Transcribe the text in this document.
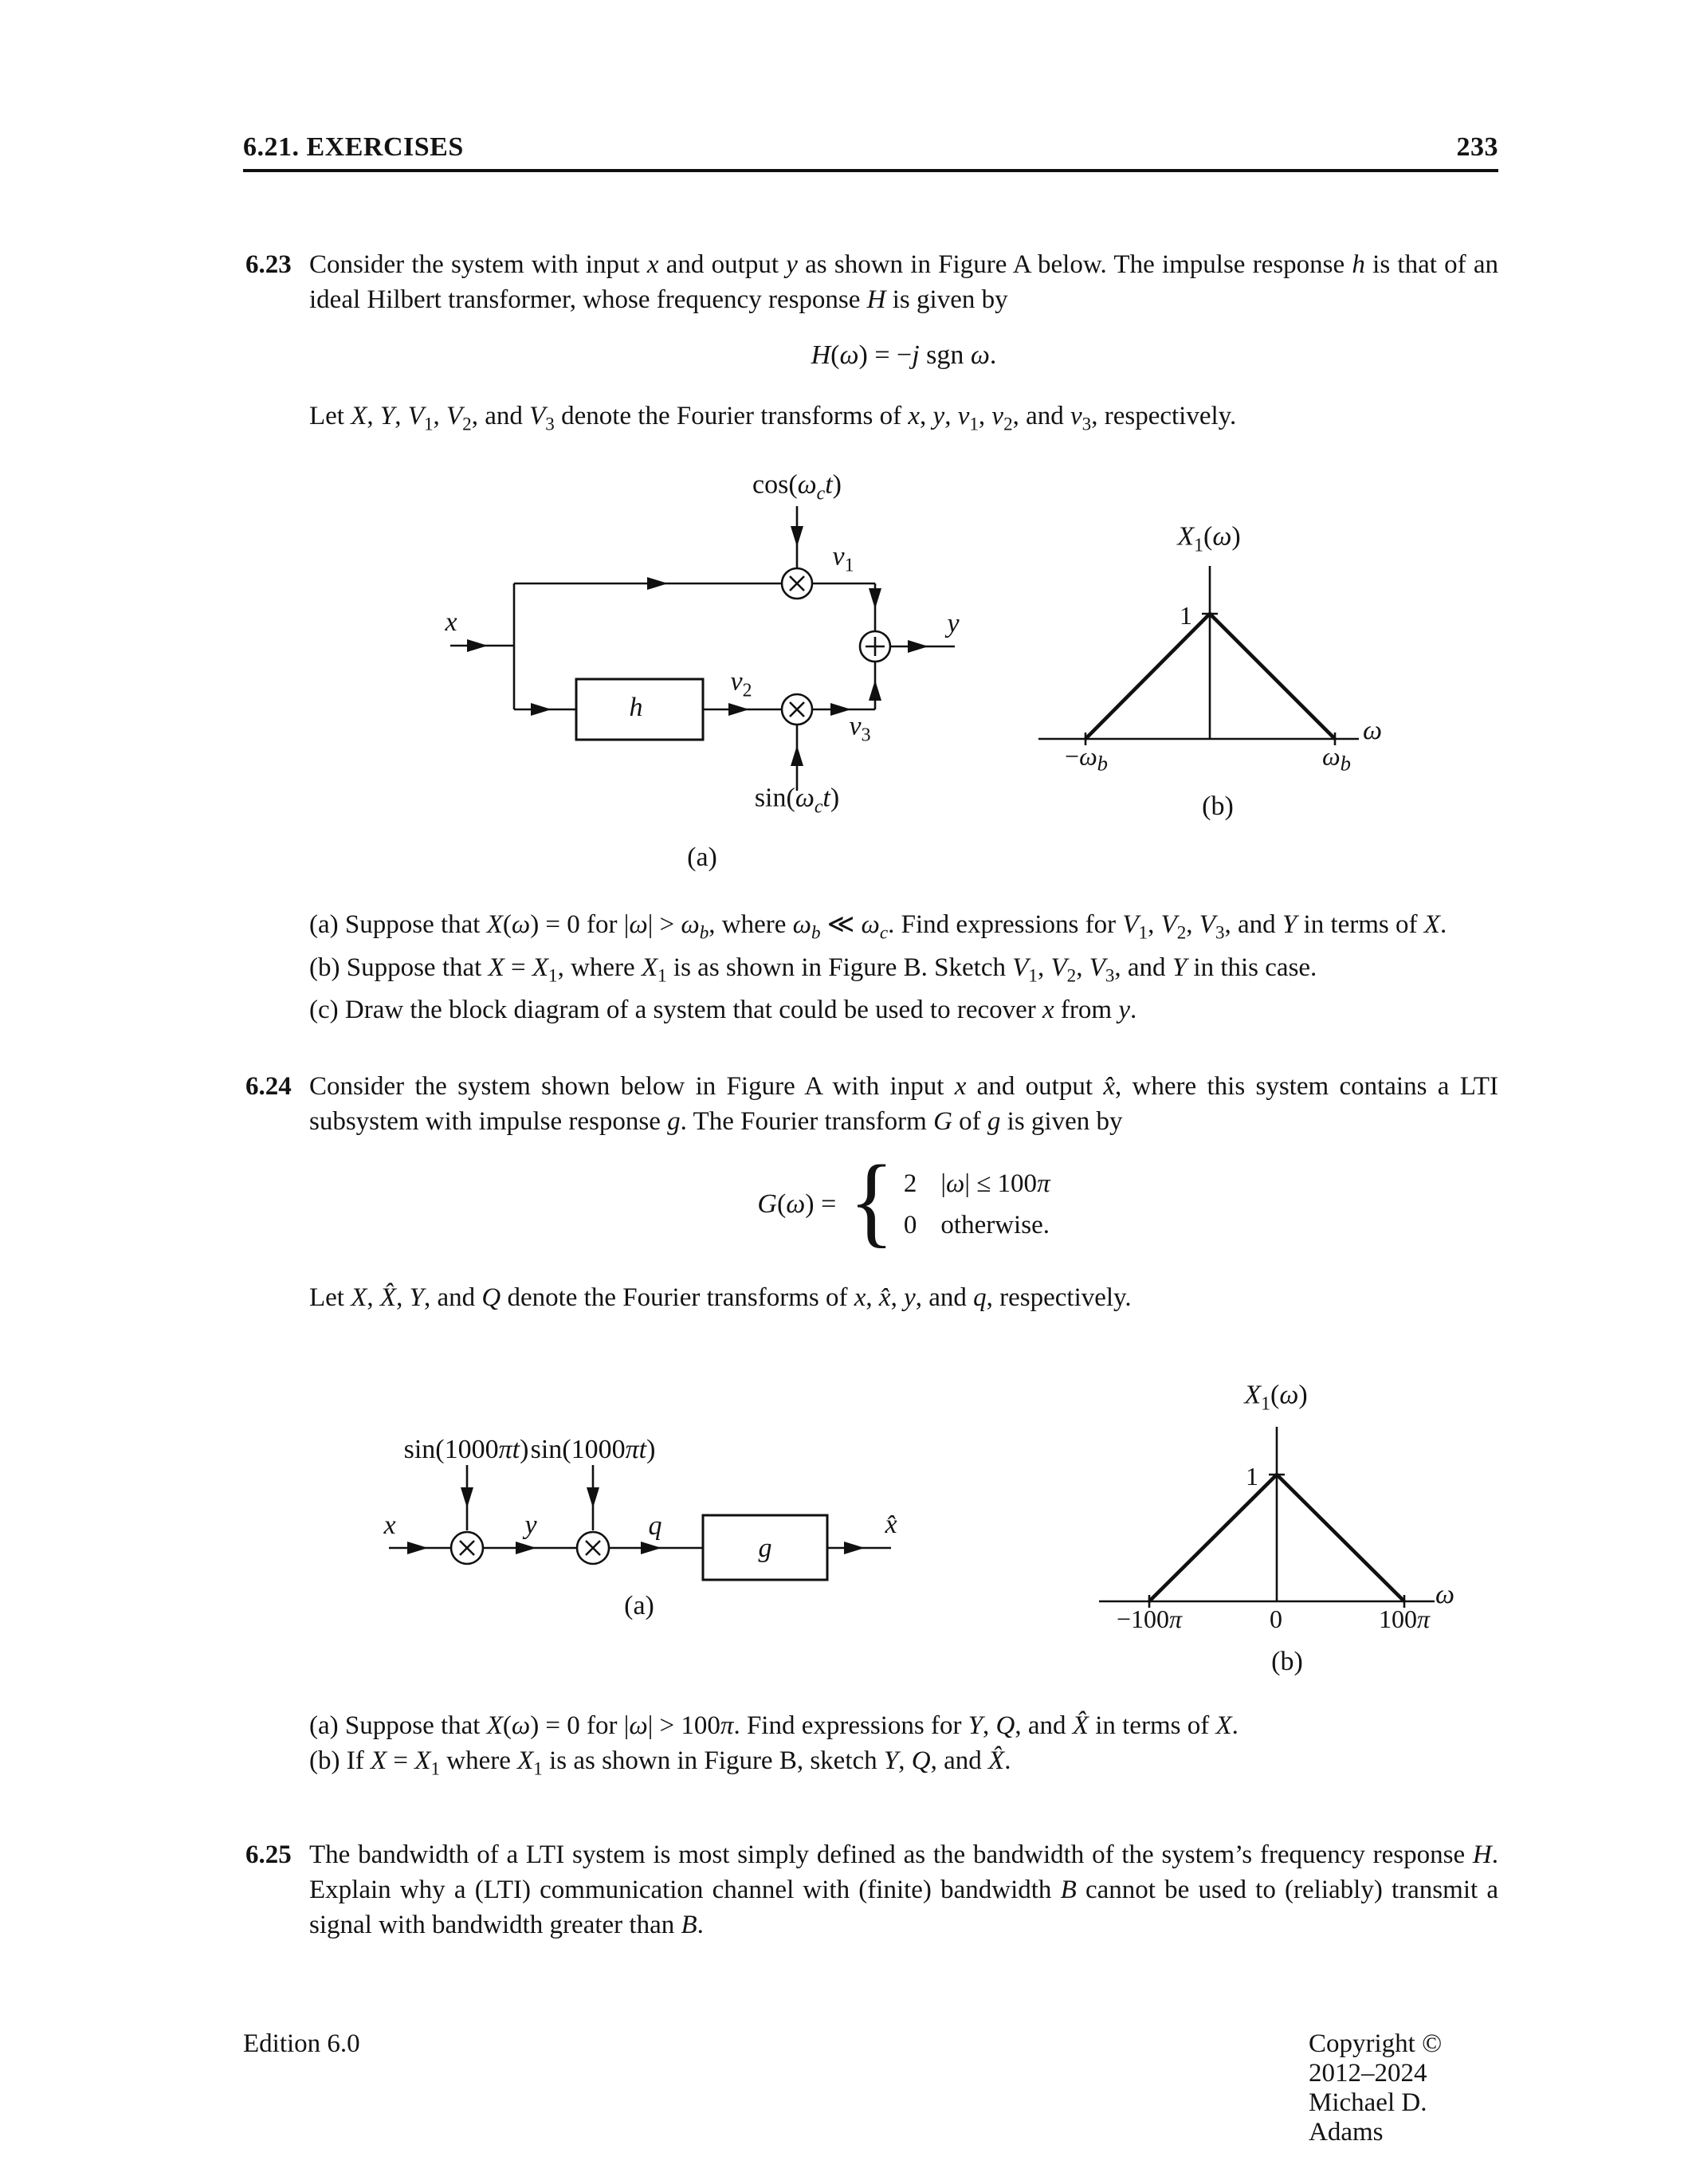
6.21. EXERCISES	233
6.23 Consider the system with input x and output y as shown in Figure A below. The impulse response h is that of an ideal Hilbert transformer, whose frequency response H is given by
H(ω) = −j sgn ω.
Let X, Y, $V_1$, $V_2$, and $V_3$ denote the Fourier transforms of x, y, $v_1$, $v_2$, and $v_3$, respectively.
$\cos(\omega_ct)$
x
$v_1$
y
$v_2$
h
$v_3$
$\sin(\omega_ct)$
(a)
$X_1(\omega)$
1
$-\omega_b$	$\omega_b$
ω
(b)
(a) Suppose that X(ω) = 0 for $|\omega| > \omega_b$, where $\omega_b$ ≪ $\omega_c$. Find expressions for $V_1$, $V_2$, $V_3$, and Y in terms of X.
(b) Suppose that $X = X_1$, where $X_1$ is as shown in Figure B. Sketch $V_1$, $V_2$, $V_3$, and Y in this case.
(c) Draw the block diagram of a system that could be used to recover x from y.
6.24 Consider the system shown below in Figure A with input x and output x̂, where this system contains a LTI subsystem with impulse response g. The Fourier transform G of g is given by
G(ω) = { 2 |ω| ≤ 100π
0 otherwise.
Let X, X̂, Y, and Q denote the Fourier transforms of x, x̂, y, and q, respectively.
sin(1000πt) sin(1000πt)
x	y	q
g
x̂
(a)
$X_1(\omega)$
1
−100π	0	100π
ω
(b)
(a) Suppose that X(ω) = 0 for |ω| > 100π. Find expressions for Y, Q, and X̂ in terms of X.
(b) If $X = X_1$ where $X_1$ is as shown in Figure B, sketch Y, Q, and X̂.
6.25 The bandwidth of a LTI system is most simply defined as the bandwidth of the system’s frequency response H. Explain why a (LTI) communication channel with (finite) bandwidth B cannot be used to (reliably) transmit a signal with bandwidth greater than B.
Edition 6.0	Copyright © 2012–2024 Michael D. Adams
